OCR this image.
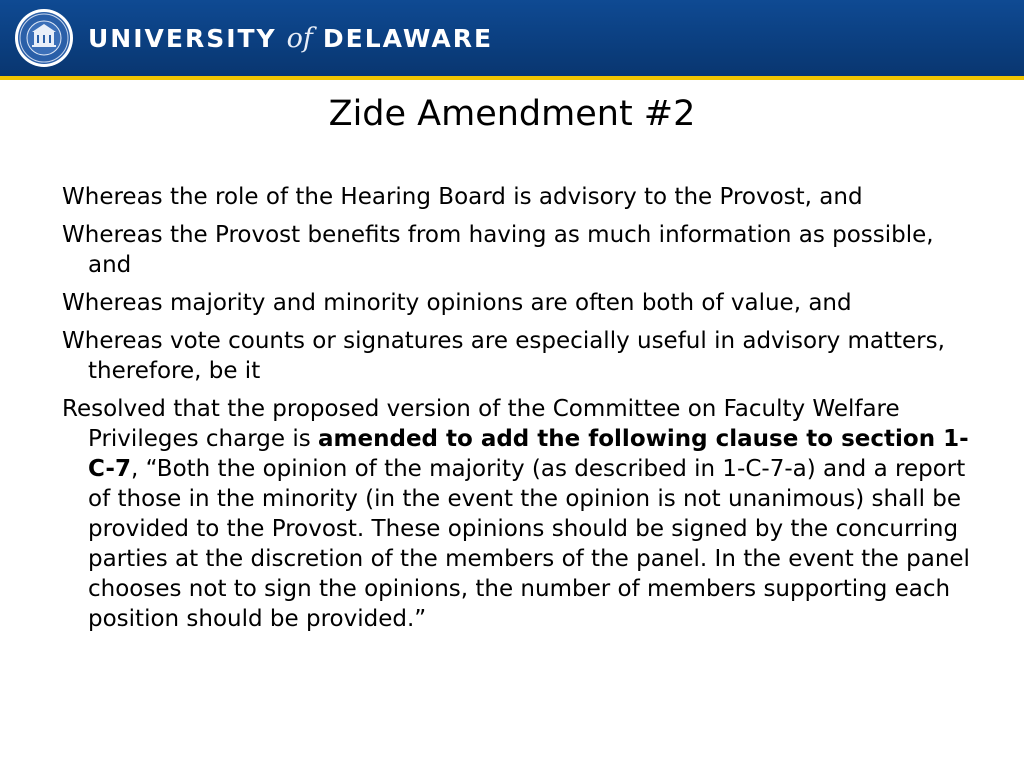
UNIVERSITY of DELAWARE
Zide Amendment #2

Whereas the role of the Hearing Board is advisory to the Provost, and

Whereas the Provost benefits from having as much information as possible, and

Whereas majority and minority opinions are often both of value, and

Whereas vote counts or signatures are especially useful in advisory matters, therefore, be it

Resolved that the proposed version of the Committee on Faculty Welfare Privileges charge is amended to add the following clause to section 1-C-7, “Both the opinion of the majority (as described in 1-C-7-a) and a report of those in the minority (in the event the opinion is not unanimous) shall be provided to the Provost. These opinions should be signed by the concurring parties at the discretion of the members of the panel. In the event the panel chooses not to sign the opinions, the number of members supporting each position should be provided.”
